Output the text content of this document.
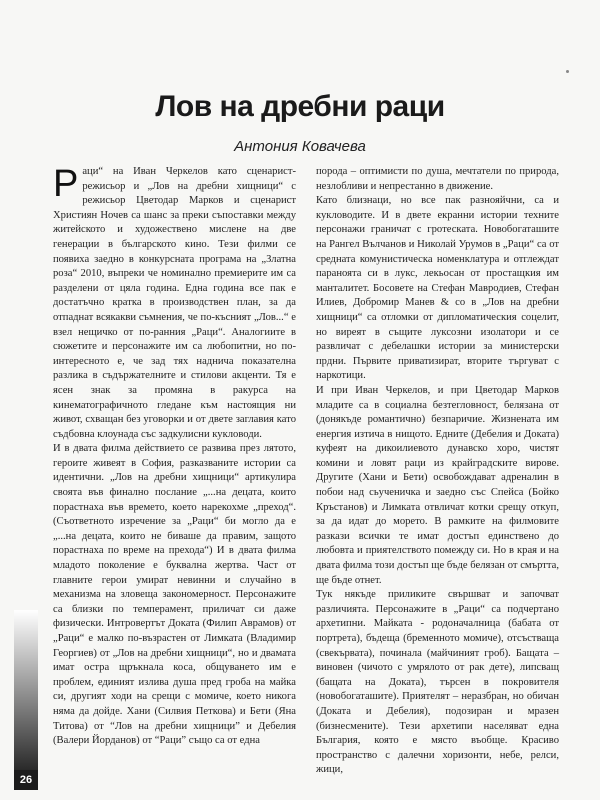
Лов на дребни раци
Антония Ковачева

Раци“ на Иван Черкелов като сценарист-режисьор и „Лов на дребни хищници“ с режисьор Цветодар Марков и сценарист Християн Ночев са шанс за преки съпоставки между житейското и художествено мислене на две генерации в българското кино. Тези филми се появиха заедно в конкурсната програма на „Златна роза“ 2010, въпреки че номинално премиерите им са разделени от цяла година. Една година все пак е достатъчно кратка в производствен план, за да отпаднат всякакви съмнения, че по-късният „Лов...“ е взел нещичко от по-ранния „Раци“. Аналогиите в сюжетите и персонажите им са любопитни, но по-интересното е, че зад тях надничa показателна разлика в съдържателните и стилови акценти. Тя е ясен знак за промяна в ракурса на кинематографичното гледане към настоящия ни живот, схващан без уговорки и от двете заглавия като съдбовна клоунада със задкулисни кукловоди.

И в двата филма действието се развива през лятото, героите живеят в София, разказваните истории са идентични. „Лов на дребни хищници“ артикулира своята във финално послание „...на децата, които порастнаха във времето, което нарекохме „преход“. (Съответното изречение за „Раци“ би могло да е „...на децата, които не биваше да правим, защото порастнаха по време на прехода“) И в двата филма младото поколение е буквална жертва. Част от главните герои умират невинни и случайно в механизма на зловеща закономерност. Персонажите са близки по темперамент, приличат си даже физически. Интровертът Доката (Филип Аврамов) от „Раци“ е малко по-възрастен от Лимката (Владимир Георгиев) от „Лов на дребни хищници“, но и двамата имат остра щръкнала коса, общуването им е проблем, единият излива душа пред гроба на майка си, другият ходи на срещи с момиче, което никога няма да дойде. Хани (Силвия Петкова) и Бети (Яна Титова) от “Лов на дребни хищници” и Дебелия (Валери Йорданов) от “Раци” също са от една

порода – оптимисти по душа, мечтатели по природа, незлобливи и непрестанно в движение.

Като близнаци, но все пак разнояйчни, са и кукловодите. И в двете екранни истории техните персонажи граничат с гротеската. Новобогаташите на Рангел Вълчанов и Николай Урумов в „Раци“ са от средната комунистическа номенклатура и отглеждат параноята си в лукс, лекьосан от простащкия им манталитет. Босовете на Стефан Мавродиев, Стефан Илиев, Добромир Манев & со в „Лов на дребни хищници“ са отломки от дипломатическия соцелит, но виреят в същите луксозни изолатори и се развличат с дебелашки истории за министерски прдни. Първите приватизират, вторите търгуват с наркотици.

И при Иван Черкелов, и при Цветодар Марков младите са в социална безтегловност, белязана от (донякъде романтично) безпаричие. Жизнената им енергия изтича в нищото. Едните (Дебелия и Доката) куфеят на дикоилиевото дунавско хоро, чистят комини и ловят раци из крайградските вирове. Другите (Хани и Бети) освобождават адреналин в побои над сьученичка и заедно със Спейса (Бойко Кръстанов) и Лимката отвличат котки срещу откуп, за да идат до морето. В рамките на филмовите разкази всички те имат достъп единствено до любовта и приятелството помежду си. Но в края и на двата филма този достъп ще бъде белязан от смъртта, ще бъде отнет.

Тук някъде приликите свършват и започват различията. Персонажите в „Раци“ са подчертано архетипни. Майката - родоначалница (бабата от портрета), бъдеща (бременното момиче), отсъстваща (свекървата), починала (майчиният гроб). Бащата – виновен (чичото с умрялото от рак дете), липсващ (бащата на Доката), търсен в покровителя (новобогаташите). Приятелят – неразбран, но обичан (Доката и Дебелия), подозиран и мразен (бизнесмените). Тези архетипи населяват една България, която е място въобще. Красиво пространство с далечни хоризонти, небе, релси, жици,

26
